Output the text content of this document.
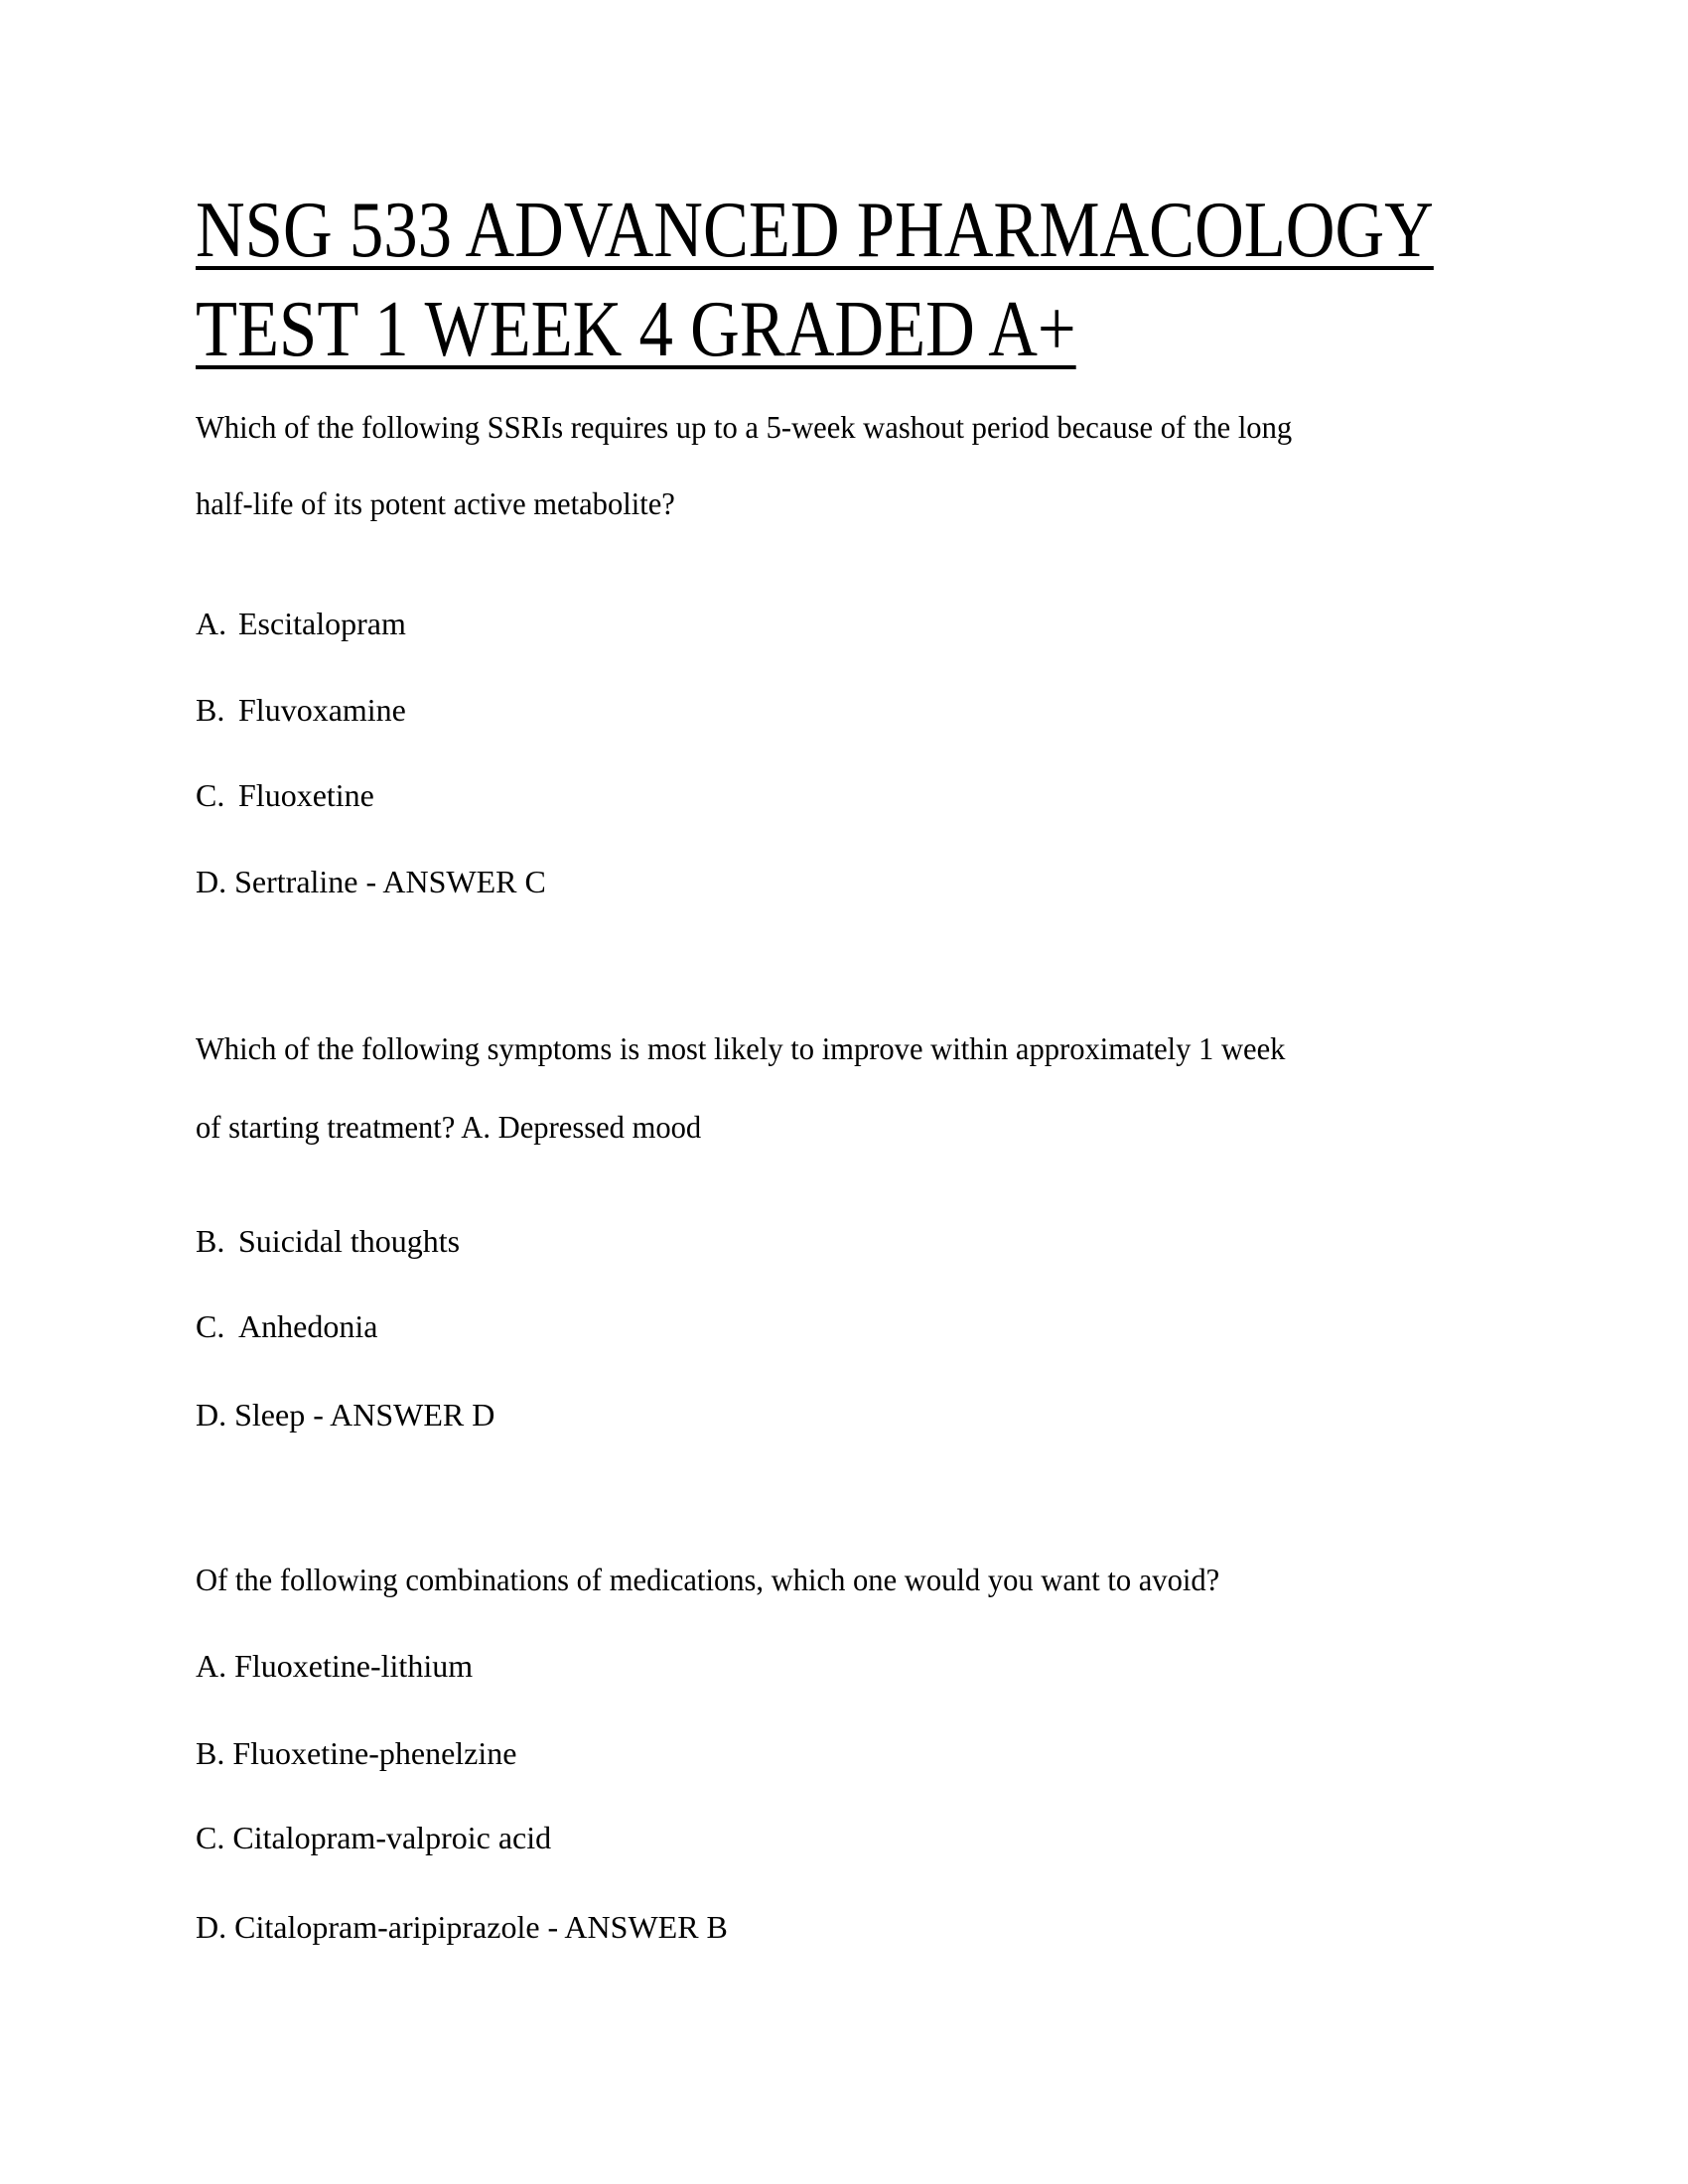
NSG 533 ADVANCED PHARMACOLOGY
TEST 1 WEEK 4 GRADED A+
Which of the following SSRIs requires up to a 5-week washout period because of the long
half-life of its potent active metabolite?
A. Escitalopram
B. Fluvoxamine
C. Fluoxetine
D. Sertraline - ANSWER C
Which of the following symptoms is most likely to improve within approximately 1 week
of starting treatment? A. Depressed mood
B. Suicidal thoughts
C. Anhedonia
D. Sleep - ANSWER D
Of the following combinations of medications, which one would you want to avoid?
A. Fluoxetine-lithium
B. Fluoxetine-phenelzine
C. Citalopram-valproic acid
D. Citalopram-aripiprazole - ANSWER B
